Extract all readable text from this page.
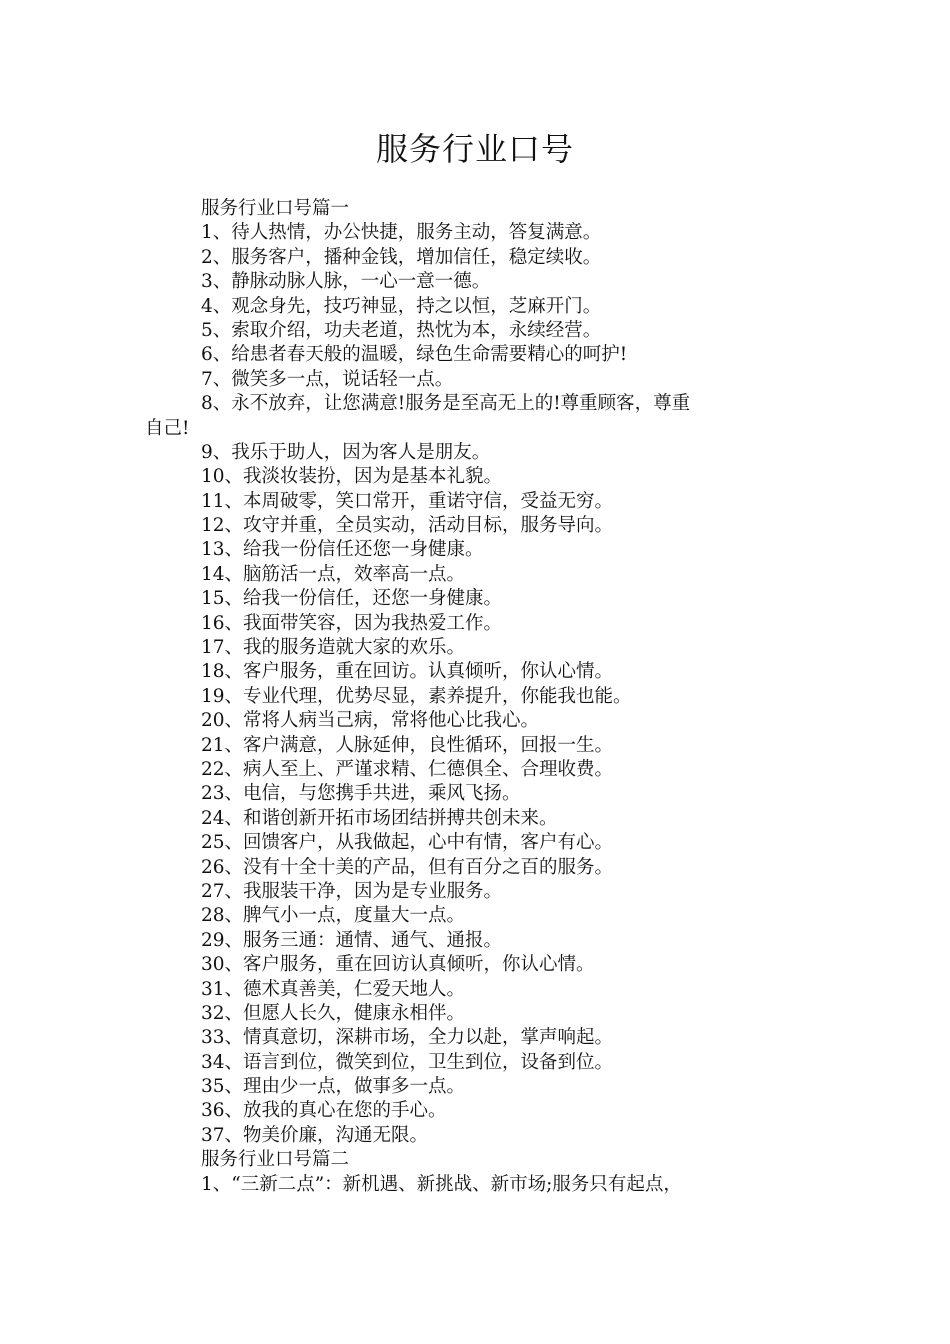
服务行业口号
服务行业口号篇一
1、待人热情，办公快捷，服务主动，答复满意。
2、服务客户，播种金钱，增加信任，稳定续收。
3、静脉动脉人脉，一心一意一德。
4、观念身先，技巧神显，持之以恒，芝麻开门。
5、索取介绍，功夫老道，热忱为本，永续经营。
6、给患者春天般的温暖，绿色生命需要精心的呵护!
7、微笑多一点，说话轻一点。
8、永不放弃，让您满意!服务是至高无上的!尊重顾客，尊重
自己!
9、我乐于助人，因为客人是朋友。
10、我淡妆装扮，因为是基本礼貌。
11、本周破零，笑口常开，重诺守信，受益无穷。
12、攻守并重，全员实动，活动目标，服务导向。
13、给我一份信任还您一身健康。
14、脑筋活一点，效率高一点。
15、给我一份信任，还您一身健康。
16、我面带笑容，因为我热爱工作。
17、我的服务造就大家的欢乐。
18、客户服务，重在回访。认真倾听，你认心情。
19、专业代理，优势尽显，素养提升，你能我也能。
20、常将人病当己病，常将他心比我心。
21、客户满意，人脉延伸，良性循环，回报一生。
22、病人至上、严谨求精、仁德俱全、合理收费。
23、电信，与您携手共进，乘风飞扬。
24、和谐创新开拓市场团结拼搏共创未来。
25、回馈客户，从我做起，心中有情，客户有心。
26、没有十全十美的产品，但有百分之百的服务。
27、我服装干净，因为是专业服务。
28、脾气小一点，度量大一点。
29、服务三通：通情、通气、通报。
30、客户服务，重在回访认真倾听，你认心情。
31、德术真善美，仁爱天地人。
32、但愿人长久，健康永相伴。
33、情真意切，深耕市场，全力以赴，掌声响起。
34、语言到位，微笑到位，卫生到位，设备到位。
35、理由少一点，做事多一点。
36、放我的真心在您的手心。
37、物美价廉，沟通无限。
服务行业口号篇二
1、“三新二点”：新机遇、新挑战、新市场;服务只有起点，
